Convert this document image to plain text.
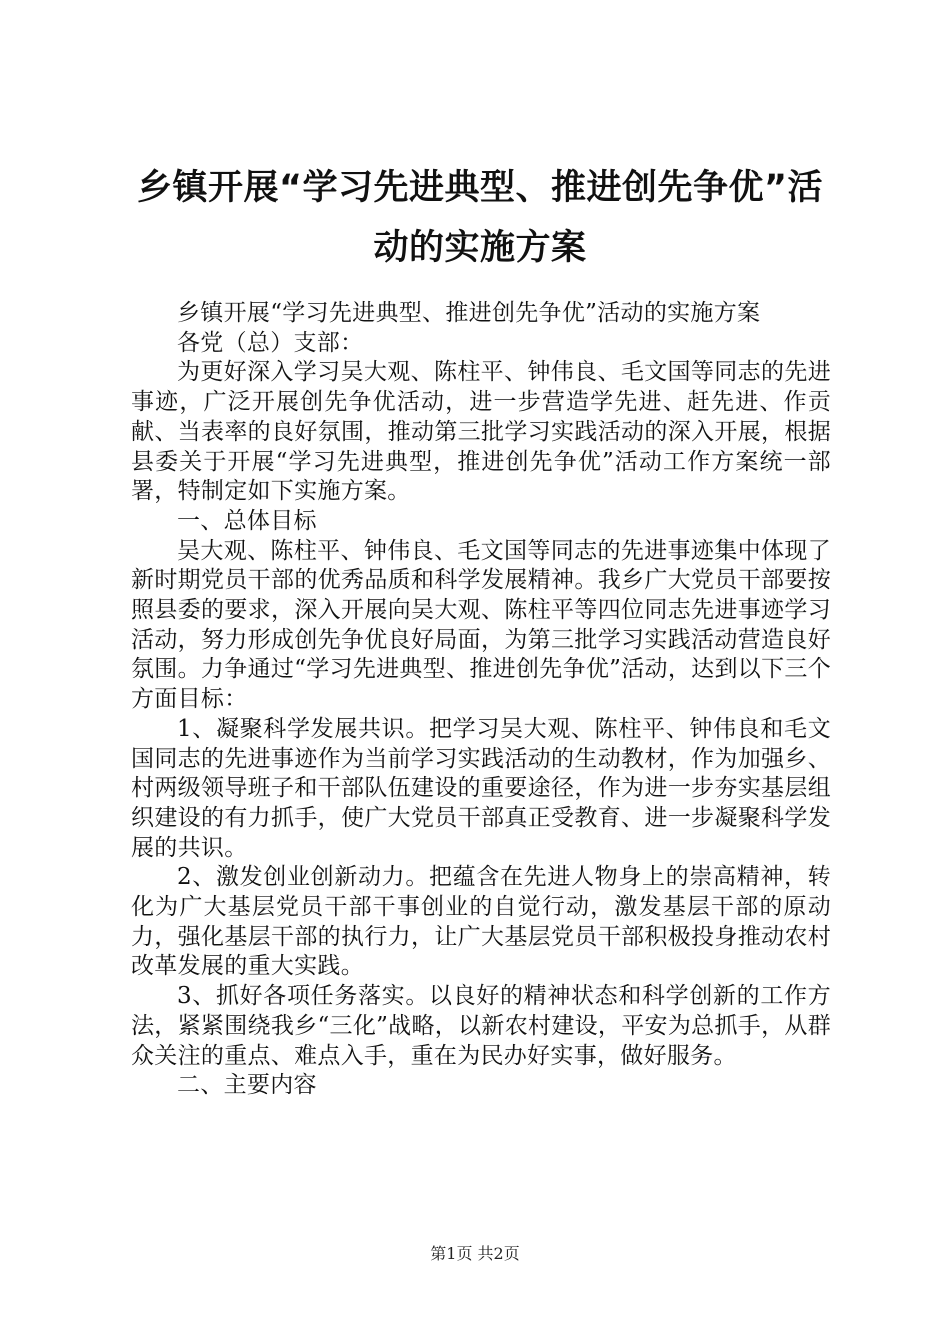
乡镇开展“学习先进典型、推进创先争优”活
动的实施方案

乡镇开展“学习先进典型、推进创先争优”活动的实施方案

各党（总）支部：

为更好深入学习吴大观、陈柱平、钟伟良、毛文国等同志的先进事迹，广泛开展创先争优活动，进一步营造学先进、赶先进、作贡献、当表率的良好氛围，推动第三批学习实践活动的深入开展，根据县委关于开展“学习先进典型，推进创先争优”活动工作方案统一部署，特制定如下实施方案。

一、总体目标

吴大观、陈柱平、钟伟良、毛文国等同志的先进事迹集中体现了新时期党员干部的优秀品质和科学发展精神。我乡广大党员干部要按照县委的要求，深入开展向吴大观、陈柱平等四位同志先进事迹学习活动，努力形成创先争优良好局面，为第三批学习实践活动营造良好氛围。力争通过“学习先进典型、推进创先争优”活动，达到以下三个方面目标：

1、凝聚科学发展共识。把学习吴大观、陈柱平、钟伟良和毛文国同志的先进事迹作为当前学习实践活动的生动教材，作为加强乡、村两级领导班子和干部队伍建设的重要途径，作为进一步夯实基层组织建设的有力抓手，使广大党员干部真正受教育、进一步凝聚科学发展的共识。

2、激发创业创新动力。把蕴含在先进人物身上的崇高精神，转化为广大基层党员干部干事创业的自觉行动，激发基层干部的原动力，强化基层干部的执行力，让广大基层党员干部积极投身推动农村改革发展的重大实践。

3、抓好各项任务落实。以良好的精神状态和科学创新的工作方法，紧紧围绕我乡“三化”战略，以新农村建设，平安为总抓手，从群众关注的重点、难点入手，重在为民办好实事，做好服务。

二、主要内容

第1页 共2页
